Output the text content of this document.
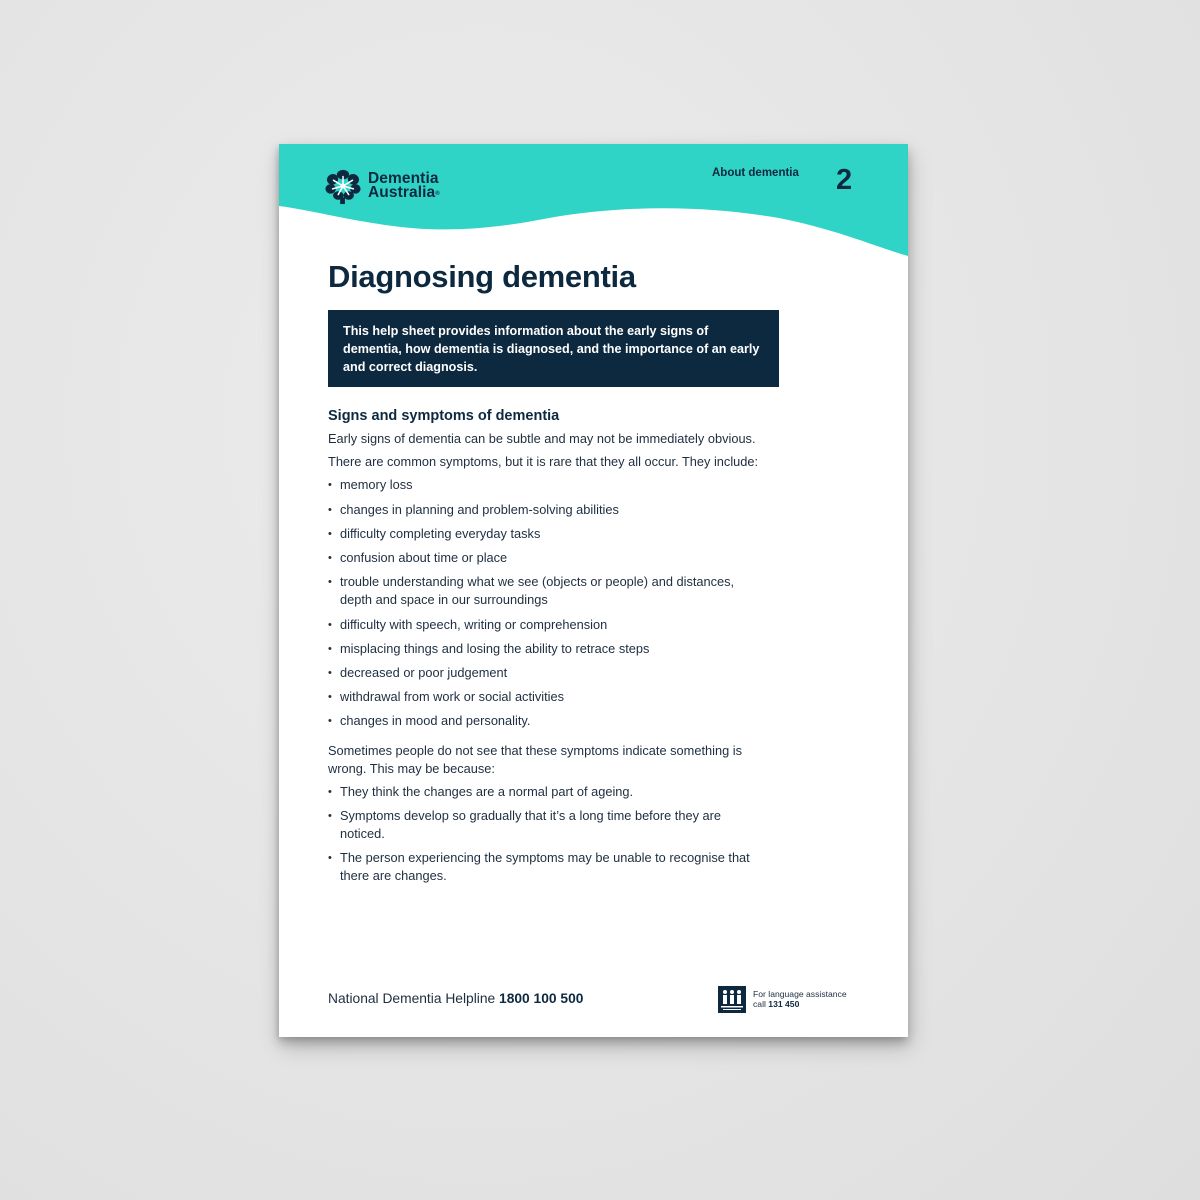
Dementia
Australia®
About dementia 2
Diagnosing dementia
This help sheet provides information about the early signs of dementia, how dementia is diagnosed, and the importance of an early and correct diagnosis.
Signs and symptoms of dementia

Early signs of dementia can be subtle and may not be immediately obvious.

There are common symptoms, but it is rare that they all occur. They include:

• memory loss
• changes in planning and problem-solving abilities
• difficulty completing everyday tasks
• confusion about time or place
• trouble understanding what we see (objects or people) and distances, depth and space in our surroundings
• difficulty with speech, writing or comprehension
• misplacing things and losing the ability to retrace steps
• decreased or poor judgement
• withdrawal from work or social activities
• changes in mood and personality.

Sometimes people do not see that these symptoms indicate something is wrong. This may be because:

• They think the changes are a normal part of ageing.
• Symptoms develop so gradually that it’s a long time before they are noticed.
• The person experiencing the symptoms may be unable to recognise that there are changes.
National Dementia Helpline 1800 100 500	For language assistance
call 131 450
